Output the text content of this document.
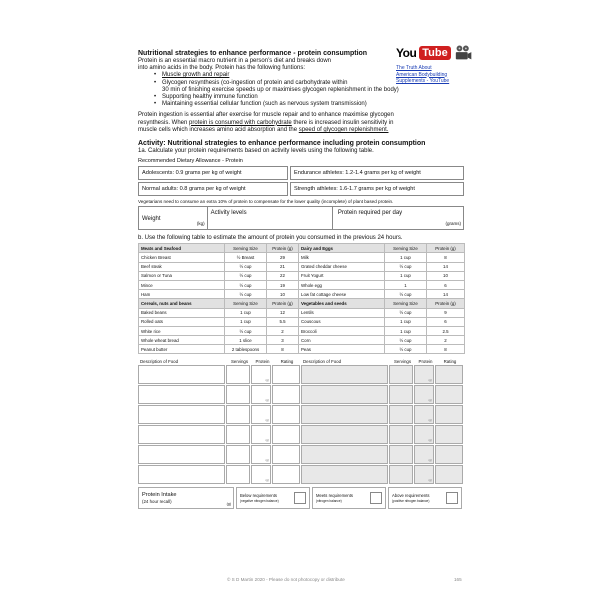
You Tube
The Truth About
American Bodybuilding
Supplements - YouTube
Nutritional strategies to enhance performance - protein consumption
Protein is an essential macro nutrient in a person’s diet and breaks down
into amino acids in the body. Protein has the following funtions:
• Muscle growth and repair
• Glycogen resynthesis (co-ingestion of protein and carbohydrate within
30 min of finishing exercise speeds up or maximises glycogen replenishment in the body)
• Supporting healthy immune function
• Maintaining essential cellular function (such as nervous system transmission)
Protein ingestion is essential after exercise for muscle repair and to enhance maximise glycogen
resynthesis. When protein is consumed with carbohydrate there is increased insulin sensitivity in
muscle cells which increases amino acid absorption and the speed of glycogen replenishment.
Activity: Nutritional strategies to enhance performance including protein consumption
1a. Calculate your protein requirements based on activity levels using the following table.
Recommended Dietary Allowance - Protein
Adolescents: 0.9 grams per kg of weight	Endurance athletes: 1.2-1.4 grams per kg of weight
Normal adults: 0.8 grams per kg of weight	Strength athletes: 1.6-1.7 grams per kg of weight
Vegetarians need to consume an extra 10% of protein to compensate for the lower quality (incomplete) of plant based protein.
Weight
(kg)
Activity levels	Protein required per day
(grams)
b. Use the following table to estimate the amount of protein you consumed in the previous 24 hours.
Meats and Seafood	Serving Size	Protein (g)	Dairy and Eggs	Serving Size	Protein (g)
Chicken Breast	½ Breast	29	Milk	1 cup	8
Beef steak	½ cup	21	Grated cheddar cheese	½ cup	14
Salmon or Tuna	½ cup	22	Fruit Yogurt	1 cup	10
Mince	½ cup	19	Whole egg	1	6
Ham	½ cup	10	Low fat cottage cheese	½ cup	14
Cereals, nuts and beans	Serving Size	Protein (g)	Vegetables and seeds	Serving Size	Protein (g)
Baked beans	1 cup	12	Lentils	½ cup	9
Rolled oats	1 cup	5.5	Couscous	1 cup	6
White rice	½ cup	2	Broccoli	1 cup	2.5
Whole wheat bread	1 slice	3	Corn	½ cup	2
Peanut butter	2 tablespoons	8	Peas	½ cup	8
Description of Food	Servings	Protein	Rating	Description of Food	Servings	Protein	Rating
(g)
(g)
(g)
(g)
(g)
(g)
(g)
(g)
(g)
(g)
(g)
(g)
Protein Intake
(24 hour recall)	(g)
Below requirements
(negative nitrogen balance)
Meets requirements
(nitrogen balance)
Above requirements
(positive nitrogen balance)
© S D Martin 2020 - Please do not photocopy or distribute	165
